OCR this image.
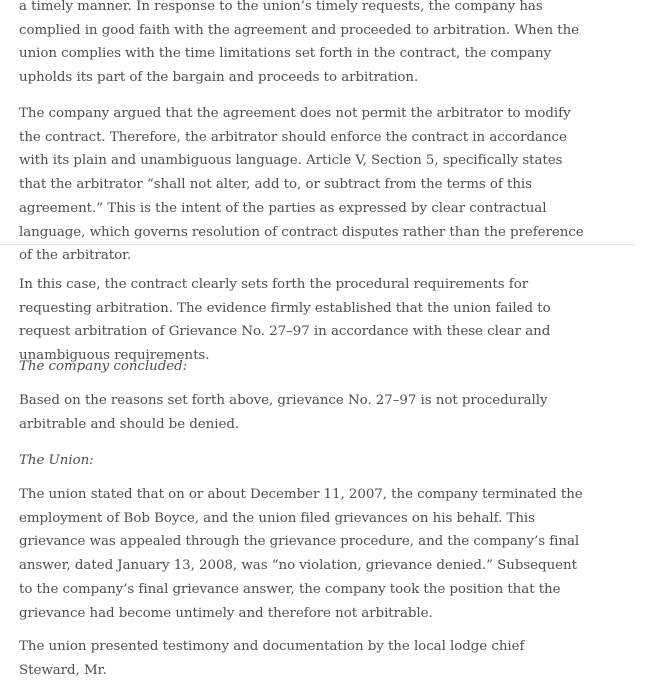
a timely manner. In response to the union’s timely requests, the company has complied in good faith with the agreement and proceeded to arbitration. When the union complies with the time limitations set forth in the contract, the company upholds its part of the bargain and proceeds to arbitration.

The company argued that the agreement does not permit the arbitrator to modify the contract. Therefore, the arbitrator should enforce the contract in accordance with its plain and unambiguous language. Article V, Section 5, specifically states that the arbitrator “shall not alter, add to, or subtract from the terms of this agreement.” This is the intent of the parties as expressed by clear contractual language, which governs resolution of contract disputes rather than the preference of the arbitrator.

In this case, the contract clearly sets forth the procedural requirements for requesting arbitration. The evidence firmly established that the union failed to request arbitration of Grievance No. 27–97 in accordance with these clear and unambiguous requirements.

The company concluded:

Based on the reasons set forth above, grievance No. 27–97 is not procedurally arbitrable and should be denied.

The Union:

The union stated that on or about December 11, 2007, the company terminated the employment of Bob Boyce, and the union filed grievances on his behalf. This grievance was appealed through the grievance procedure, and the company’s final answer, dated January 13, 2008, was “no violation, grievance denied.” Subsequent to the company’s final grievance answer, the company took the position that the grievance had become untimely and therefore not arbitrable.

The union presented testimony and documentation by the local lodge chief Steward, Mr.
